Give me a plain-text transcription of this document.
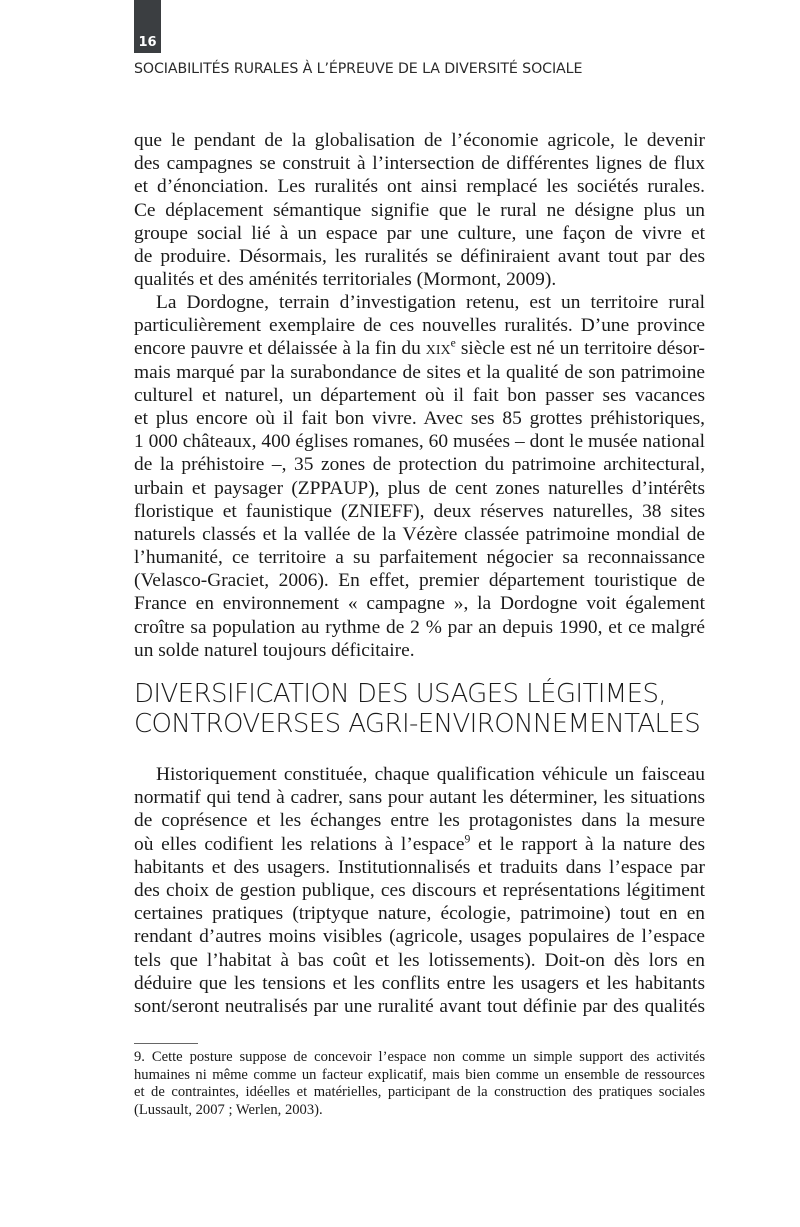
16
SOCIABILITÉS RURALES À L’ÉPREUVE DE LA DIVERSITÉ SOCIALE
que le pendant de la globalisation de l’économie agricole, le devenir
des campagnes se construit à l’intersection de différentes lignes de flux
et d’énonciation. Les ruralités ont ainsi remplacé les sociétés rurales.
Ce déplacement sémantique signifie que le rural ne désigne plus un
groupe social lié à un espace par une culture, une façon de vivre et
de produire. Désormais, les ruralités se définiraient avant tout par des
qualités et des aménités territoriales (Mormont, 2009).
La Dordogne, terrain d’investigation retenu, est un territoire rural
particulièrement exemplaire de ces nouvelles ruralités. D’une province
encore pauvre et délaissée à la fin du xix$^e$ siècle est né un territoire désor-
mais marqué par la surabondance de sites et la qualité de son patrimoine
culturel et naturel, un département où il fait bon passer ses vacances
et plus encore où il fait bon vivre. Avec ses 85 grottes préhistoriques,
1 000 châteaux, 400 églises romanes, 60 musées – dont le musée national
de la préhistoire –, 35 zones de protection du patrimoine architectural,
urbain et paysager (ZPPAUP), plus de cent zones naturelles d’intérêts
floristique et faunistique (ZNIEFF), deux réserves naturelles, 38 sites
naturels classés et la vallée de la Vézère classée patrimoine mondial de
l’humanité, ce territoire a su parfaitement négocier sa reconnaissance
(Velasco-Graciet, 2006). En effet, premier département touristique de
France en environnement « campagne », la Dordogne voit également
croître sa population au rythme de 2 % par an depuis 1990, et ce malgré
un solde naturel toujours déficitaire.
DIVERSIFICATION DES USAGES LÉGITIMES,
CONTROVERSES AGRI-ENVIRONNEMENTALES
Historiquement constituée, chaque qualification véhicule un faisceau
normatif qui tend à cadrer, sans pour autant les déterminer, les situations
de coprésence et les échanges entre les protagonistes dans la mesure
où elles codifient les relations à l’espace$^9$ et le rapport à la nature des
habitants et des usagers. Institutionnalisés et traduits dans l’espace par
des choix de gestion publique, ces discours et représentations légitiment
certaines pratiques (triptyque nature, écologie, patrimoine) tout en en
rendant d’autres moins visibles (agricole, usages populaires de l’espace
tels que l’habitat à bas coût et les lotissements). Doit-on dès lors en
déduire que les tensions et les conflits entre les usagers et les habitants
sont/seront neutralisés par une ruralité avant tout définie par des qualités
9. Cette posture suppose de concevoir l’espace non comme un simple support des activités
humaines ni même comme un facteur explicatif, mais bien comme un ensemble de ressources
et de contraintes, idéelles et matérielles, participant de la construction des pratiques sociales
(Lussault, 2007 ; Werlen, 2003).
